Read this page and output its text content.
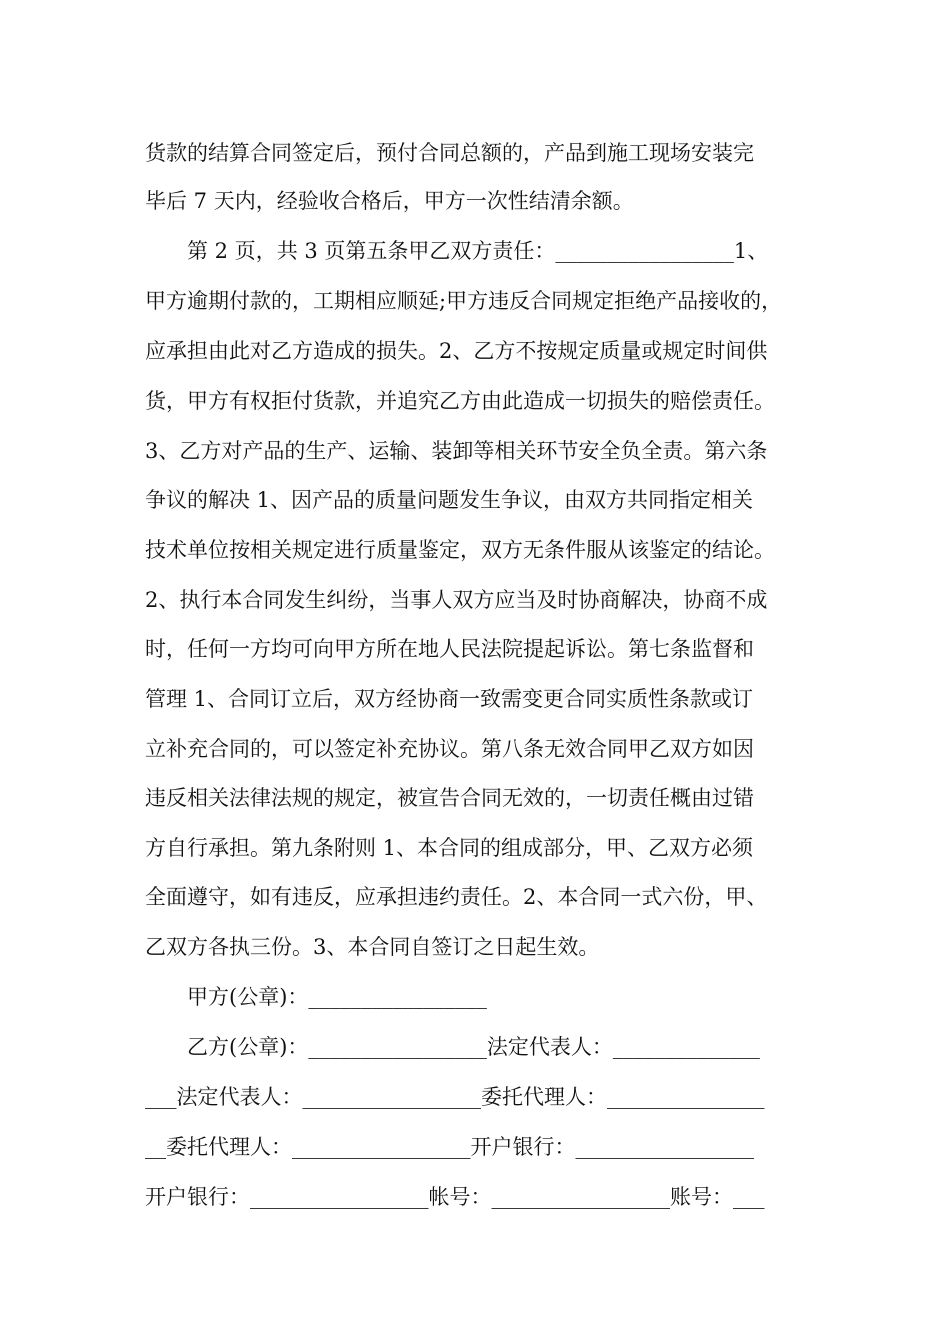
货款的结算合同签定后，预付合同总额的，产品到施工现场安装完
毕后 7 天内，经验收合格后，甲方一次性结清余额。
　　第 2 页，共 3 页第五条甲乙双方责任：_________________1、
甲方逾期付款的，工期相应顺延;甲方违反合同规定拒绝产品接收的，
应承担由此对乙方造成的损失。2、乙方不按规定质量或规定时间供
货，甲方有权拒付货款，并追究乙方由此造成一切损失的赔偿责任。
3、乙方对产品的生产、运输、装卸等相关环节安全负全责。第六条
争议的解决 1、因产品的质量问题发生争议，由双方共同指定相关
技术单位按相关规定进行质量鉴定，双方无条件服从该鉴定的结论。
2、执行本合同发生纠纷，当事人双方应当及时协商解决，协商不成
时，任何一方均可向甲方所在地人民法院提起诉讼。第七条监督和
管理 1、合同订立后，双方经协商一致需变更合同实质性条款或订
立补充合同的，可以签定补充协议。第八条无效合同甲乙双方如因
违反相关法律法规的规定，被宣告合同无效的，一切责任概由过错
方自行承担。第九条附则 1、本合同的组成部分，甲、乙双方必须
全面遵守，如有违反，应承担违约责任。2、本合同一式六份，甲、
乙双方各执三份。3、本合同自签订之日起生效。
　　甲方(公章)：_________________
　　乙方(公章)：_________________法定代表人：______________
___法定代表人：_________________委托代理人：_______________
__委托代理人：_________________开户银行：_________________
开户银行：_________________帐号：_________________账号：___
